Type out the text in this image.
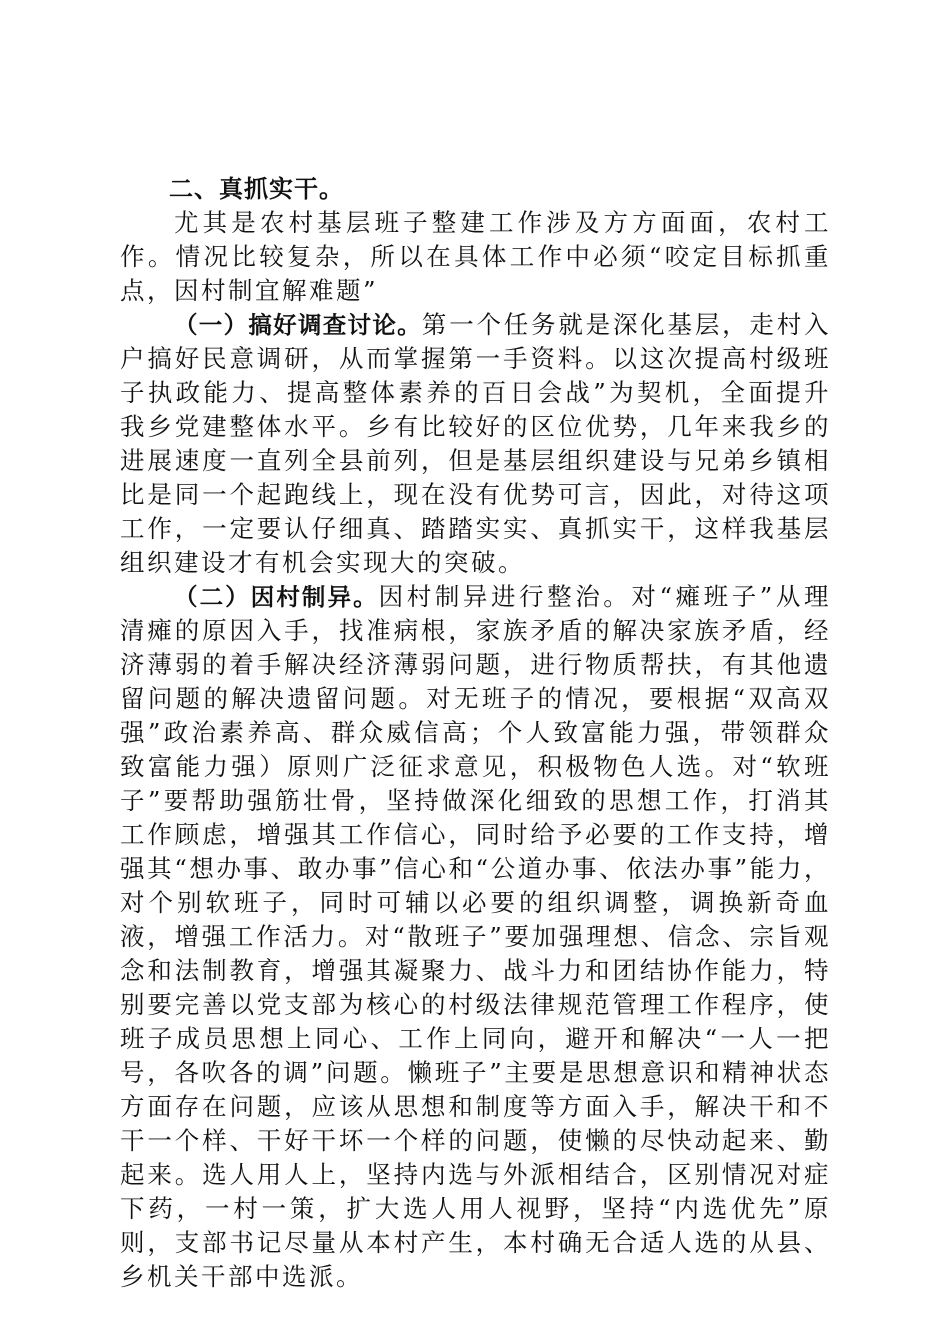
二、真抓实干。

尤其是农村基层班子整建工作涉及方方面面，农村工作。情况比较复杂，所以在具体工作中必须“咬定目标抓重点，因村制宜解难题”

（一）搞好调查讨论。第一个任务就是深化基层，走村入户搞好民意调研，从而掌握第一手资料。以这次提高村级班子执政能力、提高整体素养的百日会战”为契机，全面提升我乡党建整体水平。乡有比较好的区位优势，几年来我乡的进展速度一直列全县前列，但是基层组织建设与兄弟乡镇相比是同一个起跑线上，现在没有优势可言，因此，对待这项工作，一定要认仔细真、踏踏实实、真抓实干，这样我基层组织建设才有机会实现大的突破。

（二）因村制异。因村制异进行整治。对“瘫班子”从理清瘫的原因入手，找准病根，家族矛盾的解决家族矛盾，经济薄弱的着手解决经济薄弱问题，进行物质帮扶，有其他遗留问题的解决遗留问题。对无班子的情况，要根据“双高双强”政治素养高、群众威信高；个人致富能力强，带领群众致富能力强）原则广泛征求意见，积极物色人选。对“软班子”要帮助强筋壮骨，坚持做深化细致的思想工作，打消其工作顾虑，增强其工作信心，同时给予必要的工作支持，增强其“想办事、敢办事”信心和“公道办事、依法办事”能力，对个别软班子，同时可辅以必要的组织调整，调换新奇血液，增强工作活力。对“散班子”要加强理想、信念、宗旨观念和法制教育，增强其凝聚力、战斗力和团结协作能力，特别要完善以党支部为核心的村级法律规范管理工作程序，使班子成员思想上同心、工作上同向，避开和解决“一人一把号，各吹各的调”问题。懒班子”主要是思想意识和精神状态方面存在问题，应该从思想和制度等方面入手，解决干和不干一个样、干好干坏一个样的问题，使懒的尽快动起来、勤起来。选人用人上，坚持内选与外派相结合，区别情况对症下药，一村一策，扩大选人用人视野，坚持“内选优先”原则，支部书记尽量从本村产生，本村确无合适人选的从县、乡机关干部中选派。
